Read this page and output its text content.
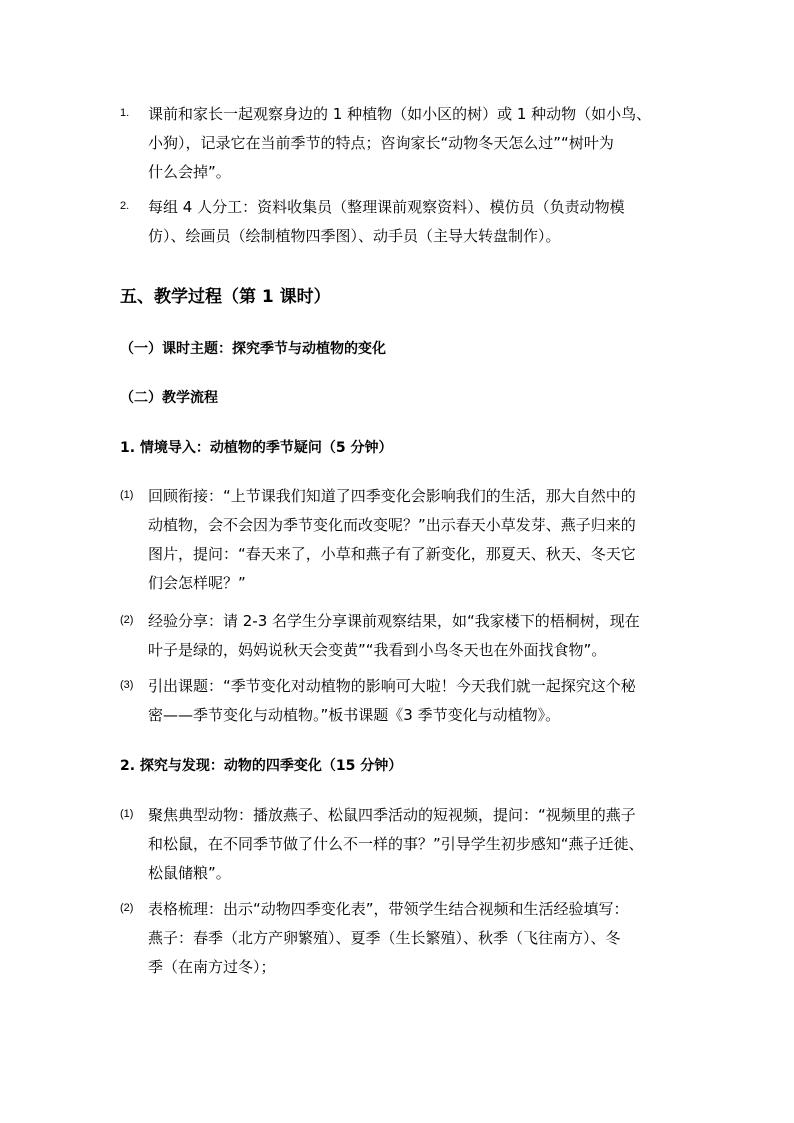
1. 课前和家长一起观察身边的 1 种植物（如小区的树）或 1 种动物（如小鸟、
小狗），记录它在当前季节的特点；咨询家长“动物冬天怎么过”“树叶为
什么会掉”。
2. 每组 4 人分工：资料收集员（整理课前观察资料）、模仿员（负责动物模
仿）、绘画员（绘制植物四季图）、动手员（主导大转盘制作）。
五、教学过程（第 1 课时）
（一）课时主题：探究季节与动植物的变化
（二）教学流程
1. 情境导入：动植物的季节疑问（5 分钟）
(1) 回顾衔接：“上节课我们知道了四季变化会影响我们的生活，那大自然中的
动植物，会不会因为季节变化而改变呢？”出示春天小草发芽、燕子归来的
图片，提问：“春天来了，小草和燕子有了新变化，那夏天、秋天、冬天它
们会怎样呢？”
(2) 经验分享：请 2-3 名学生分享课前观察结果，如“我家楼下的梧桐树，现在
叶子是绿的，妈妈说秋天会变黄”“我看到小鸟冬天也在外面找食物”。
(3) 引出课题：“季节变化对动植物的影响可大啦！今天我们就一起探究这个秘
密——季节变化与动植物。”板书课题《3 季节变化与动植物》。
2. 探究与发现：动物的四季变化（15 分钟）
(1) 聚焦典型动物：播放燕子、松鼠四季活动的短视频，提问：“视频里的燕子
和松鼠，在不同季节做了什么不一样的事？”引导学生初步感知“燕子迁徙、
松鼠储粮”。
(2) 表格梳理：出示“动物四季变化表”，带领学生结合视频和生活经验填写：
燕子：春季（北方产卵繁殖）、夏季（生长繁殖）、秋季（飞往南方）、冬
季（在南方过冬）；
